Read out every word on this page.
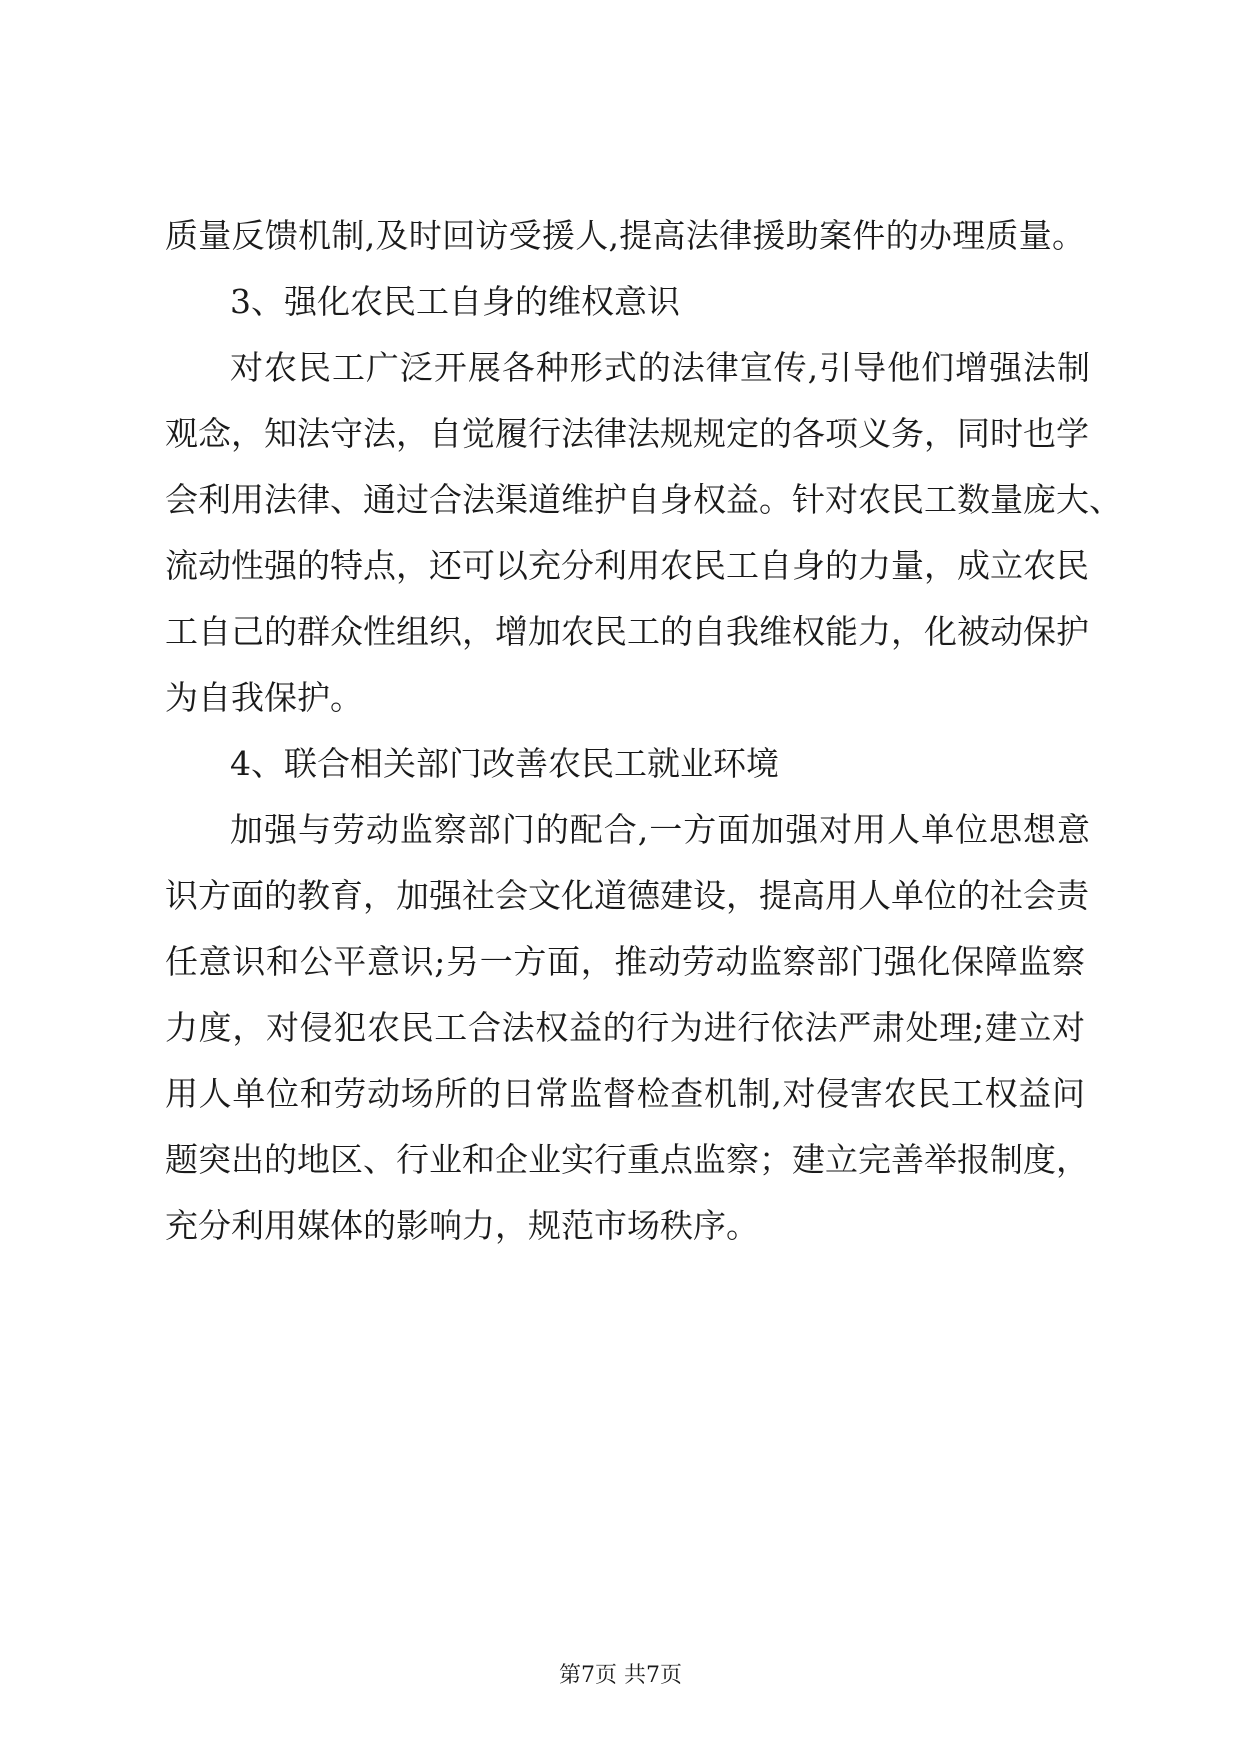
质量反馈机制,及时回访受援人,提高法律援助案件的办理质量。
3、强化农民工自身的维权意识
对农民工广泛开展各种形式的法律宣传,引导他们增强法制
观念，知法守法，自觉履行法律法规规定的各项义务，同时也学
会利用法律、通过合法渠道维护自身权益。针对农民工数量庞大、
流动性强的特点，还可以充分利用农民工自身的力量，成立农民
工自己的群众性组织，增加农民工的自我维权能力，化被动保护
为自我保护。
4、联合相关部门改善农民工就业环境
加强与劳动监察部门的配合,一方面加强对用人单位思想意
识方面的教育，加强社会文化道德建设，提高用人单位的社会责
任意识和公平意识;另一方面，推动劳动监察部门强化保障监察
力度，对侵犯农民工合法权益的行为进行依法严肃处理;建立对
用人单位和劳动场所的日常监督检查机制,对侵害农民工权益问
题突出的地区、行业和企业实行重点监察；建立完善举报制度，
充分利用媒体的影响力，规范市场秩序。
第7页 共7页
